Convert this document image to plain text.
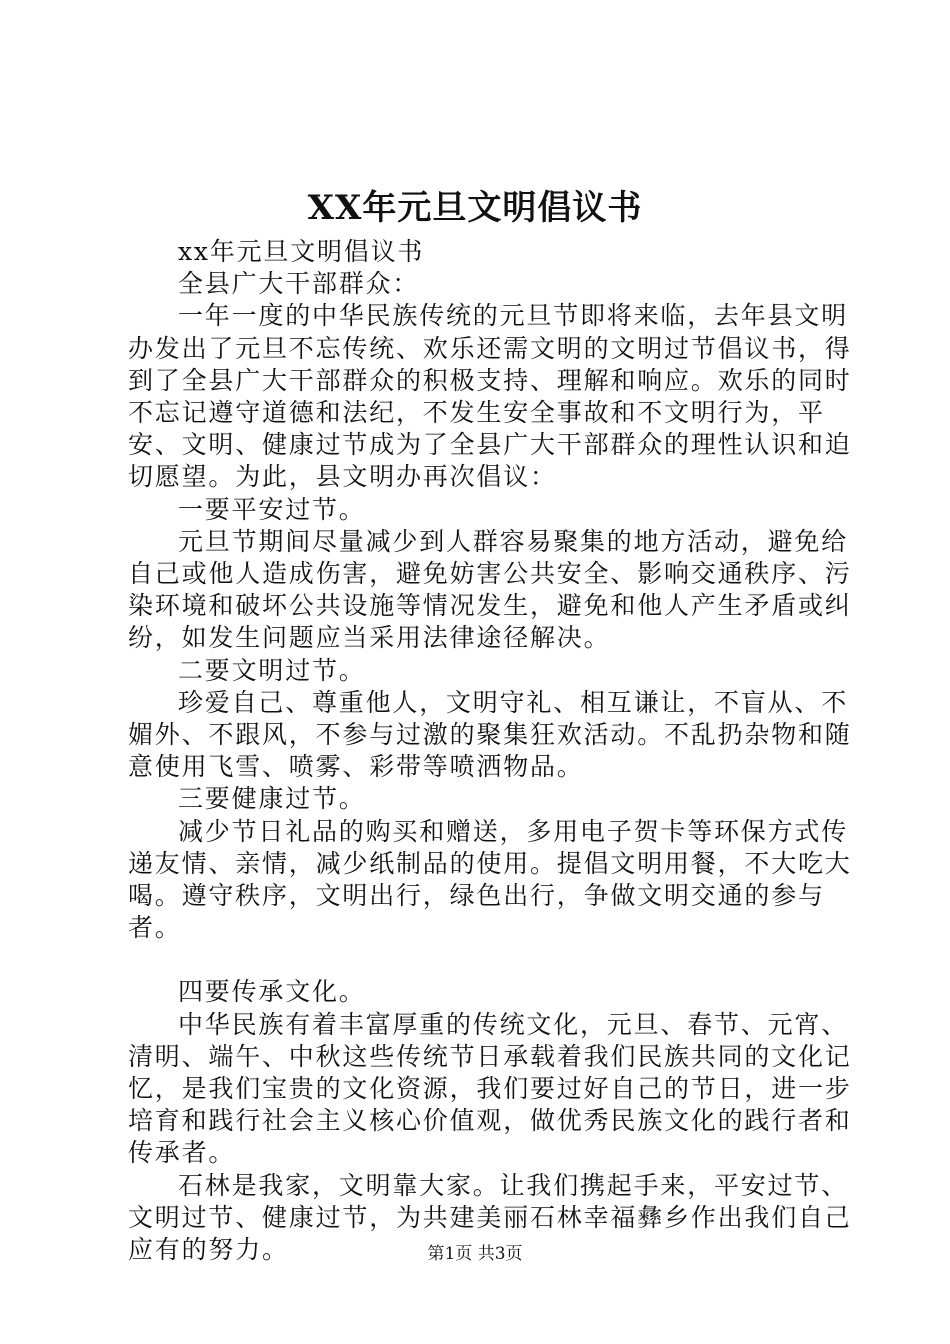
XX年元旦文明倡议书

xx年元旦文明倡议书

全县广大干部群众：

一年一度的中华民族传统的元旦节即将来临，去年县文明办发出了元旦不忘传统、欢乐还需文明的文明过节倡议书，得到了全县广大干部群众的积极支持、理解和响应。欢乐的同时不忘记遵守道德和法纪，不发生安全事故和不文明行为，平安、文明、健康过节成为了全县广大干部群众的理性认识和迫切愿望。为此，县文明办再次倡议：

一要平安过节。

元旦节期间尽量减少到人群容易聚集的地方活动，避免给自己或他人造成伤害，避免妨害公共安全、影响交通秩序、污染环境和破坏公共设施等情况发生，避免和他人产生矛盾或纠纷，如发生问题应当采用法律途径解决。

二要文明过节。

珍爱自己、尊重他人，文明守礼、相互谦让，不盲从、不媚外、不跟风，不参与过激的聚集狂欢活动。不乱扔杂物和随意使用飞雪、喷雾、彩带等喷洒物品。

三要健康过节。

减少节日礼品的购买和赠送，多用电子贺卡等环保方式传递友情、亲情，减少纸制品的使用。提倡文明用餐，不大吃大喝。遵守秩序，文明出行，绿色出行，争做文明交通的参与者。

四要传承文化。

中华民族有着丰富厚重的传统文化，元旦、春节、元宵、清明、端午、中秋这些传统节日承载着我们民族共同的文化记忆，是我们宝贵的文化资源，我们要过好自己的节日，进一步培育和践行社会主义核心价值观，做优秀民族文化的践行者和传承者。

石林是我家，文明靠大家。让我们携起手来，平安过节、文明过节、健康过节，为共建美丽石林幸福彝乡作出我们自己应有的努力。	第1页 共3页
